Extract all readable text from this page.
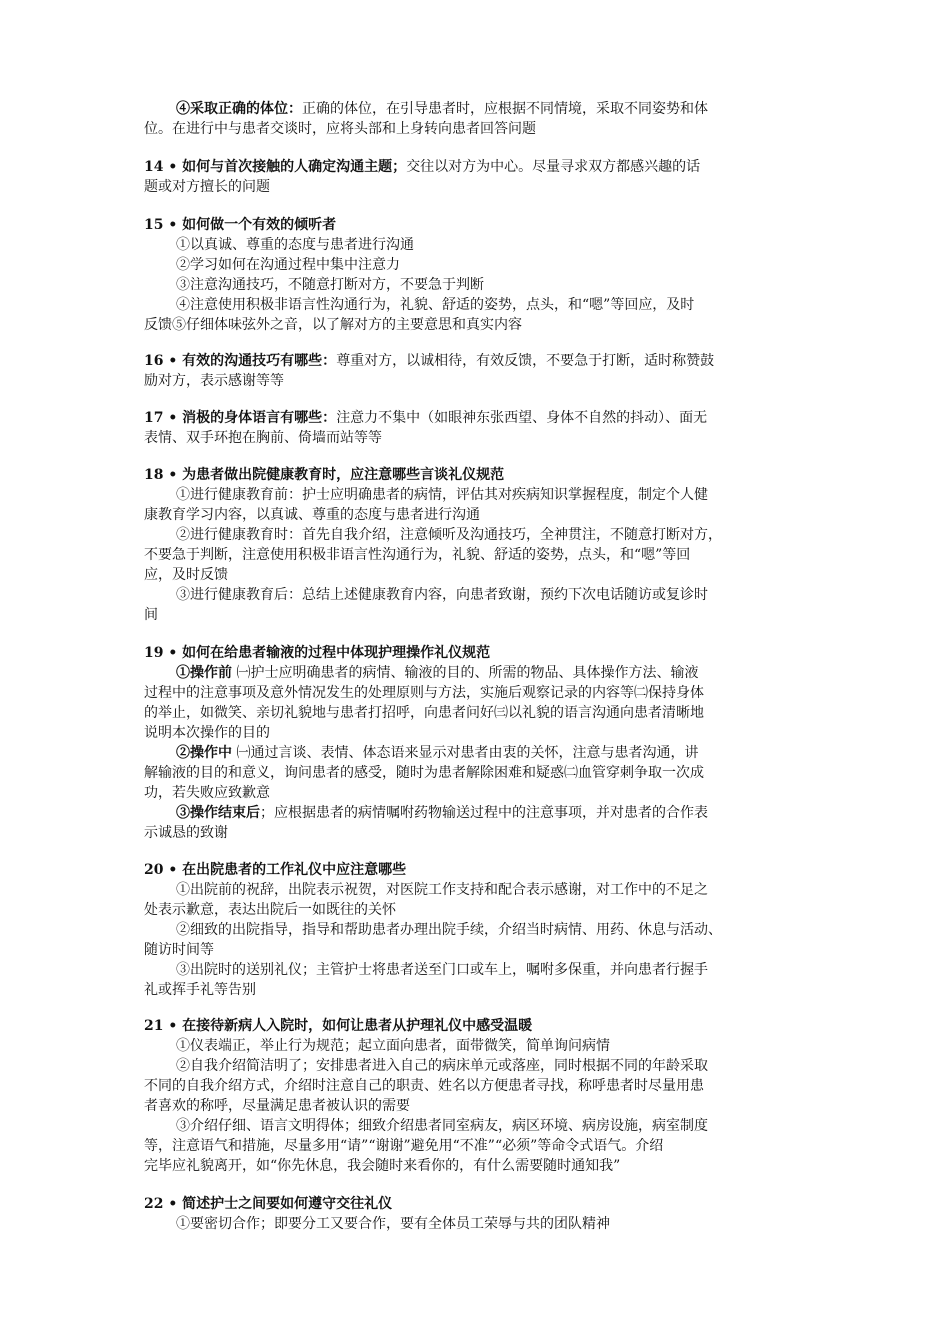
④采取正确的体位：正确的体位，在引导患者时，应根据不同情境，采取不同姿势和体
位。在进行中与患者交谈时，应将头部和上身转向患者回答问题
14 • 如何与首次接触的人确定沟通主题；交往以对方为中心。尽量寻求双方都感兴趣的话
题或对方擅长的问题
15 • 如何做一个有效的倾听者
①以真诚、尊重的态度与患者进行沟通
②学习如何在沟通过程中集中注意力
③注意沟通技巧，不随意打断对方，不要急于判断
④注意使用积极非语言性沟通行为，礼貌、舒适的姿势，点头，和“嗯”等回应，及时
反馈⑤仔细体味弦外之音，以了解对方的主要意思和真实内容
16 • 有效的沟通技巧有哪些：尊重对方，以诚相待，有效反馈，不要急于打断，适时称赞鼓
励对方，表示感谢等等
17 • 消极的身体语言有哪些：注意力不集中（如眼神东张西望、身体不自然的抖动）、面无
表情、双手环抱在胸前、倚墙而站等等
18 • 为患者做出院健康教育时，应注意哪些言谈礼仪规范
①进行健康教育前：护士应明确患者的病情，评估其对疾病知识掌握程度，制定个人健
康教育学习内容，以真诚、尊重的态度与患者进行沟通
②进行健康教育时：首先自我介绍，注意倾听及沟通技巧，全神贯注，不随意打断对方，
不要急于判断，注意使用积极非语言性沟通行为，礼貌、舒适的姿势，点头，和“嗯”等回
应，及时反馈
③进行健康教育后：总结上述健康教育内容，向患者致谢，预约下次电话随访或复诊时
间
19 • 如何在给患者输液的过程中体现护理操作礼仪规范
①操作前 ㈠护士应明确患者的病情、输液的目的、所需的物品、具体操作方法、输液
过程中的注意事项及意外情况发生的处理原则与方法，实施后观察记录的内容等㈡保持身体
的举止，如微笑、亲切礼貌地与患者打招呼，向患者问好㈢以礼貌的语言沟通向患者清晰地
说明本次操作的目的
②操作中 ㈠通过言谈、表情、体态语来显示对患者由衷的关怀，注意与患者沟通，讲
解输液的目的和意义，询问患者的感受，随时为患者解除困难和疑惑㈡血管穿刺争取一次成
功，若失败应致歉意
③操作结束后；应根据患者的病情嘱咐药物输送过程中的注意事项，并对患者的合作表
示诚恳的致谢
20 • 在出院患者的工作礼仪中应注意哪些
①出院前的祝辞，出院表示祝贺，对医院工作支持和配合表示感谢，对工作中的不足之
处表示歉意，表达出院后一如既往的关怀
②细致的出院指导，指导和帮助患者办理出院手续，介绍当时病情、用药、休息与活动、
随访时间等
③出院时的送别礼仪；主管护士将患者送至门口或车上，嘱咐多保重，并向患者行握手
礼或挥手礼等告别
21 • 在接待新病人入院时，如何让患者从护理礼仪中感受温暖
①仪表端正，举止行为规范；起立面向患者，面带微笑，简单询问病情
②自我介绍简洁明了；安排患者进入自己的病床单元或落座，同时根据不同的年龄采取
不同的自我介绍方式，介绍时注意自己的职责、姓名以方便患者寻找，称呼患者时尽量用患
者喜欢的称呼，尽量满足患者被认识的需要
③介绍仔细、语言文明得体；细致介绍患者同室病友，病区环境、病房设施，病室制度
等，注意语气和措施，尽量多用“请”“谢谢”避免用“不准”“必须”等命令式语气。介绍
完毕应礼貌离开，如“你先休息，我会随时来看你的，有什么需要随时通知我”
22 • 简述护士之间要如何遵守交往礼仪
①要密切合作；即要分工又要合作，要有全体员工荣辱与共的团队精神
